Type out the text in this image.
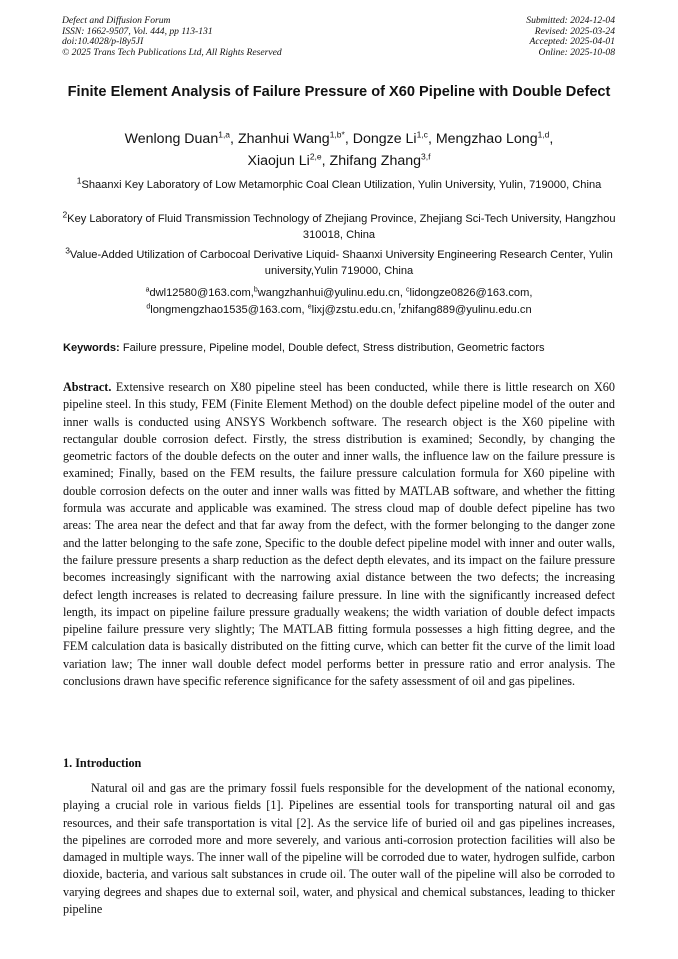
Defect and Diffusion Forum
ISSN: 1662-9507, Vol. 444, pp 113-131
doi:10.4028/p-l8y5JI
© 2025 Trans Tech Publications Ltd, All Rights Reserved
Submitted: 2024-12-04
Revised: 2025-03-24
Accepted: 2025-04-01
Online: 2025-10-08
Finite Element Analysis of Failure Pressure of X60 Pipeline with Double Defect
Wenlong Duan$^{1,a}$, Zhanhui Wang$^{1,b*}$, Dongze Li$^{1,c}$, Mengzhao Long$^{1,d}$,
Xiaojun Li$^{2,e}$, Zhifang Zhang$^{3,f}$
$^1$Shaanxi Key Laboratory of Low Metamorphic Coal Clean Utilization, Yulin University, Yulin, 719000, China
$^2$Key Laboratory of Fluid Transmission Technology of Zhejiang Province, Zhejiang Sci-Tech University, Hangzhou 310018, China
$^3$Value-Added Utilization of Carbocoal Derivative Liquid- Shaanxi University Engineering Research Center, Yulin university,Yulin 719000, China
$^a$dwl12580@163.com,$^b$wangzhanhui@yulinu.edu.cn, $^c$lidongze0826@163.com,
$^d$longmengzhao1535@163.com, $^e$lixj@zstu.edu.cn, $^f$zhifang889@yulinu.edu.cn
Keywords: Failure pressure, Pipeline model, Double defect, Stress distribution, Geometric factors
Abstract. Extensive research on X80 pipeline steel has been conducted, while there is little research on X60 pipeline steel. In this study, FEM (Finite Element Method) on the double defect pipeline model of the outer and inner walls is conducted using ANSYS Workbench software. The research object is the X60 pipeline with rectangular double corrosion defect. Firstly, the stress distribution is examined; Secondly, by changing the geometric factors of the double defects on the outer and inner walls, the influence law on the failure pressure is examined; Finally, based on the FEM results, the failure pressure calculation formula for X60 pipeline with double corrosion defects on the outer and inner walls was fitted by MATLAB software, and whether the fitting formula was accurate and applicable was examined. The stress cloud map of double defect pipeline has two areas: The area near the defect and that far away from the defect, with the former belonging to the danger zone and the latter belonging to the safe zone, Specific to the double defect pipeline model with inner and outer walls, the failure pressure presents a sharp reduction as the defect depth elevates, and its impact on the failure pressure becomes increasingly significant with the narrowing axial distance between the two defects; the increasing defect length increases is related to decreasing failure pressure. In line with the significantly increased defect length, its impact on pipeline failure pressure gradually weakens; the width variation of double defect impacts pipeline failure pressure very slightly; The MATLAB fitting formula possesses a high fitting degree, and the FEM calculation data is basically distributed on the fitting curve, which can better fit the curve of the limit load variation law; The inner wall double defect model performs better in pressure ratio and error analysis. The conclusions drawn have specific reference significance for the safety assessment of oil and gas pipelines.
1. Introduction
Natural oil and gas are the primary fossil fuels responsible for the development of the national economy, playing a crucial role in various fields [1]. Pipelines are essential tools for transporting natural oil and gas resources, and their safe transportation is vital [2]. As the service life of buried oil and gas pipelines increases, the pipelines are corroded more and more severely, and various anti-corrosion protection facilities will also be damaged in multiple ways. The inner wall of the pipeline will be corroded due to water, hydrogen sulfide, carbon dioxide, bacteria, and various salt substances in crude oil. The outer wall of the pipeline will also be corroded to varying degrees and shapes due to external soil, water, and physical and chemical substances, leading to thicker pipeline
